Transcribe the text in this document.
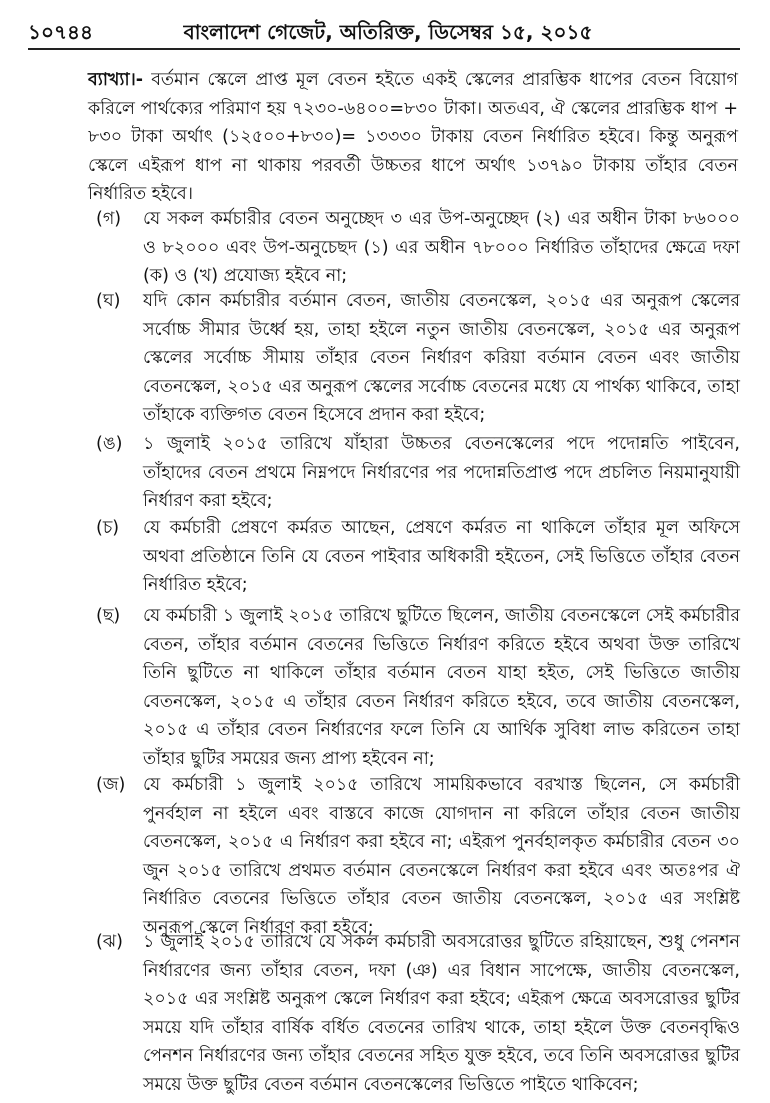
১০৭৪৪	বাংলাদেশ গেজেট, অতিরিক্ত, ডিসেম্বর ১৫, ২০১৫

ব্যাখ্যা।- বর্তমান স্কেলে প্রাপ্ত মূল বেতন হইতে একই স্কেলের প্রারম্ভিক ধাপের বেতন বিয়োগ করিলে পার্থক্যের পরিমাণ হয় ৭২৩০-৬৪০০=৮৩০ টাকা। অতএব, ঐ স্কেলের প্রারম্ভিক ধাপ + ৮৩০ টাকা অর্থাৎ (১২৫০০+৮৩০)= ১৩৩৩০ টাকায় বেতন নির্ধারিত হইবে। কিন্তু অনুরূপ স্কেলে এইরূপ ধাপ না থাকায় পরবর্তী উচ্চতর ধাপে অর্থাৎ ১৩৭৯০ টাকায় তাঁহার বেতন নির্ধারিত হইবে।

(গ)	যে সকল কর্মচারীর বেতন অনুচ্ছেদ ৩ এর উপ-অনুচ্ছেদ (২) এর অধীন টাকা ৮৬০০০ ও ৮২০০০ এবং উপ-অনুচেছদ (১) এর অধীন ৭৮০০০ নির্ধারিত তাঁহাদের ক্ষেত্রে দফা (ক) ও (খ) প্রযোজ্য হইবে না;

(ঘ)	যদি কোন কর্মচারীর বর্তমান বেতন, জাতীয় বেতনস্কেল, ২০১৫ এর অনুরূপ স্কেলের সর্বোচ্চ সীমার উর্ধ্বে হয়, তাহা হইলে নতুন জাতীয় বেতনস্কেল, ২০১৫ এর অনুরূপ স্কেলের সর্বোচ্চ সীমায় তাঁহার বেতন নির্ধারণ করিয়া বর্তমান বেতন এবং জাতীয় বেতনস্কেল, ২০১৫ এর অনুরূপ স্কেলের সর্বোচ্চ বেতনের মধ্যে যে পার্থক্য থাকিবে, তাহা তাঁহাকে ব্যক্তিগত বেতন হিসেবে প্রদান করা হইবে;

(ঙ)	১ জুলাই ২০১৫ তারিখে যাঁহারা উচ্চতর বেতনস্কেলের পদে পদোন্নতি পাইবেন, তাঁহাদের বেতন প্রথমে নিম্নপদে নির্ধারণের পর পদোন্নতিপ্রাপ্ত পদে প্রচলিত নিয়মানুযায়ী নির্ধারণ করা হইবে;

(চ)	যে কর্মচারী প্রেষণে কর্মরত আছেন, প্রেষণে কর্মরত না থাকিলে তাঁহার মূল অফিসে অথবা প্রতিষ্ঠানে তিনি যে বেতন পাইবার অধিকারী হইতেন, সেই ভিত্তিতে তাঁহার বেতন নির্ধারিত হইবে;

(ছ)	যে কর্মচারী ১ জুলাই ২০১৫ তারিখে ছুটিতে ছিলেন, জাতীয় বেতনস্কেলে সেই কর্মচারীর বেতন, তাঁহার বর্তমান বেতনের ভিত্তিতে নির্ধারণ করিতে হইবে অথবা উক্ত তারিখে তিনি ছুটিতে না থাকিলে তাঁহার বর্তমান বেতন যাহা হইত, সেই ভিত্তিতে জাতীয় বেতনস্কেল, ২০১৫ এ তাঁহার বেতন নির্ধারণ করিতে হইবে, তবে জাতীয় বেতনস্কেল, ২০১৫ এ তাঁহার বেতন নির্ধারণের ফলে তিনি যে আর্থিক সুবিধা লাভ করিতেন তাহা তাঁহার ছুটির সময়ের জন্য প্রাপ্য হইবেন না;

(জ)	যে কর্মচারী ১ জুলাই ২০১৫ তারিখে সাময়িকভাবে বরখাস্ত ছিলেন, সে কর্মচারী পুনর্বহাল না হইলে এবং বাস্তবে কাজে যোগদান না করিলে তাঁহার বেতন জাতীয় বেতনস্কেল, ২০১৫ এ নির্ধারণ করা হইবে না; এইরূপ পুনর্বহালকৃত কর্মচারীর বেতন ৩০ জুন ২০১৫ তারিখে প্রথমত বর্তমান বেতনস্কেলে নির্ধারণ করা হইবে এবং অতঃপর ঐ নির্ধারিত বেতনের ভিত্তিতে তাঁহার বেতন জাতীয় বেতনস্কেল, ২০১৫ এর সংশ্লিষ্ট অনুরূপ স্কেলে নির্ধারণ করা হইবে;

(ঝ)	১ জুলাই ২০১৫ তারিখে যে সকল কর্মচারী অবসরোত্তর ছুটিতে রহিয়াছেন, শুধু পেনশন নির্ধারণের জন্য তাঁহার বেতন, দফা (ঞ) এর বিধান সাপেক্ষে, জাতীয় বেতনস্কেল, ২০১৫ এর সংশ্লিষ্ট অনুরূপ স্কেলে নির্ধারণ করা হইবে; এইরূপ ক্ষেত্রে অবসরোত্তর ছুটির সময়ে যদি তাঁহার বার্ষিক বর্ধিত বেতনের তারিখ থাকে, তাহা হইলে উক্ত বেতনবৃদ্ধিও পেনশন নির্ধারণের জন্য তাঁহার বেতনের সহিত যুক্ত হইবে, তবে তিনি অবসরোত্তর ছুটির সময়ে উক্ত ছুটির বেতন বর্তমান বেতনস্কেলের ভিত্তিতে পাইতে থাকিবেন;
